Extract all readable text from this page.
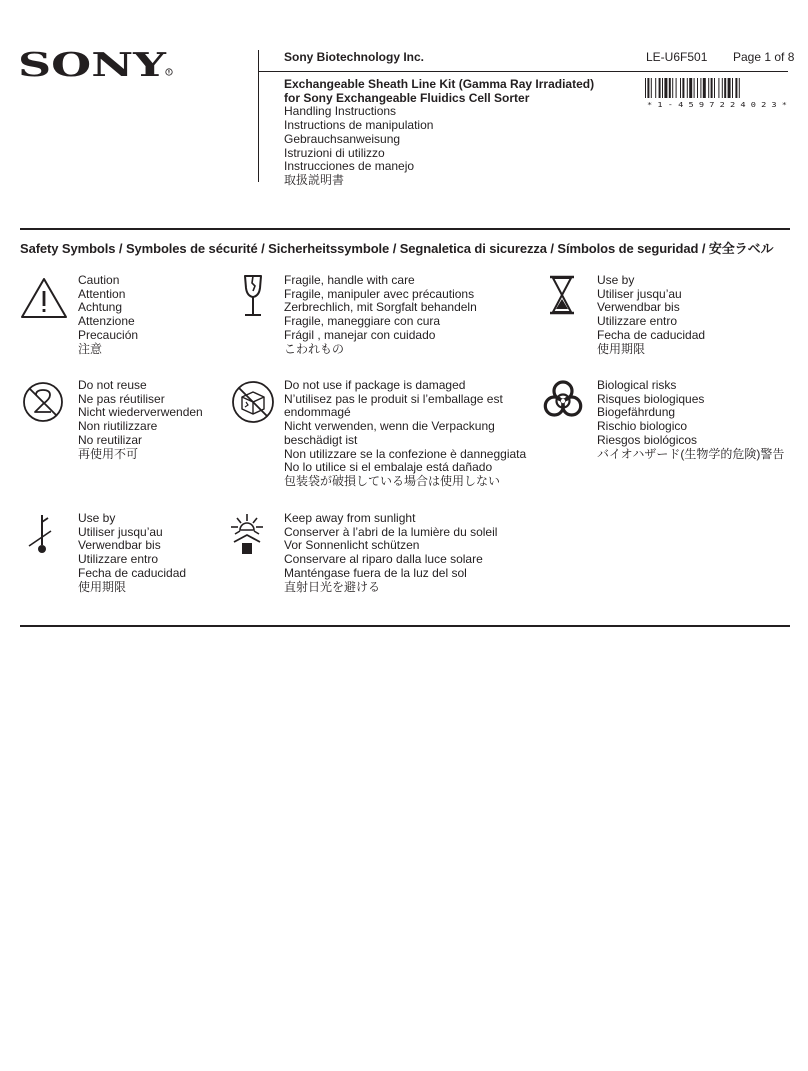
SONY R
Sony Biotechnology Inc.	LE-U6F501 Page 1 of 8
Exchangeable Sheath Line Kit (Gamma Ray Irradiated)
for Sony Exchangeable Fluidics Cell Sorter
Handling Instructions
Instructions de manipulation
Gebrauchsanweisung
Istruzioni di utilizzo
Instrucciones de manejo
取扱説明書
* 1 - 4 5 9 7 2 2 4 0 2 3 *
Safety Symbols / Symboles de sécurité / Sicherheitssymbole / Segnaletica di sicurezza / Símbolos de seguridad / 安全ラベル
Caution
Attention
Achtung
Attenzione
Precaución
注意
Fragile, handle with care
Fragile, manipuler avec précautions
Zerbrechlich, mit Sorgfalt behandeln
Fragile, maneggiare con cura
Frágil , manejar con cuidado
こわれもの
Use by
Utiliser jusqu’au
Verwendbar bis
Utilizzare entro
Fecha de caducidad
使用期限
Do not reuse
Ne pas réutiliser
Nicht wiederverwenden
Non riutilizzare
No reutilizar
再使用不可
Do not use if package is damaged
N’utilisez pas le produit si l’emballage est
endommagé
Nicht verwenden, wenn die Verpackung
beschädigt ist
Non utilizzare se la confezione è danneggiata
No lo utilice si el embalaje está dañado
包装袋が破損している場合は使用しない
Biological risks
Risques biologiques
Biogefährdung
Rischio biologico
Riesgos biológicos
バイオハザード(生物学的危険)警告
Use by
Utiliser jusqu’au
Verwendbar bis
Utilizzare entro
Fecha de caducidad
使用期限
Keep away from sunlight
Conserver à l’abri de la lumière du soleil
Vor Sonnenlicht schützen
Conservare al riparo dalla luce solare
Manténgase fuera de la luz del sol
直射日光を避ける
